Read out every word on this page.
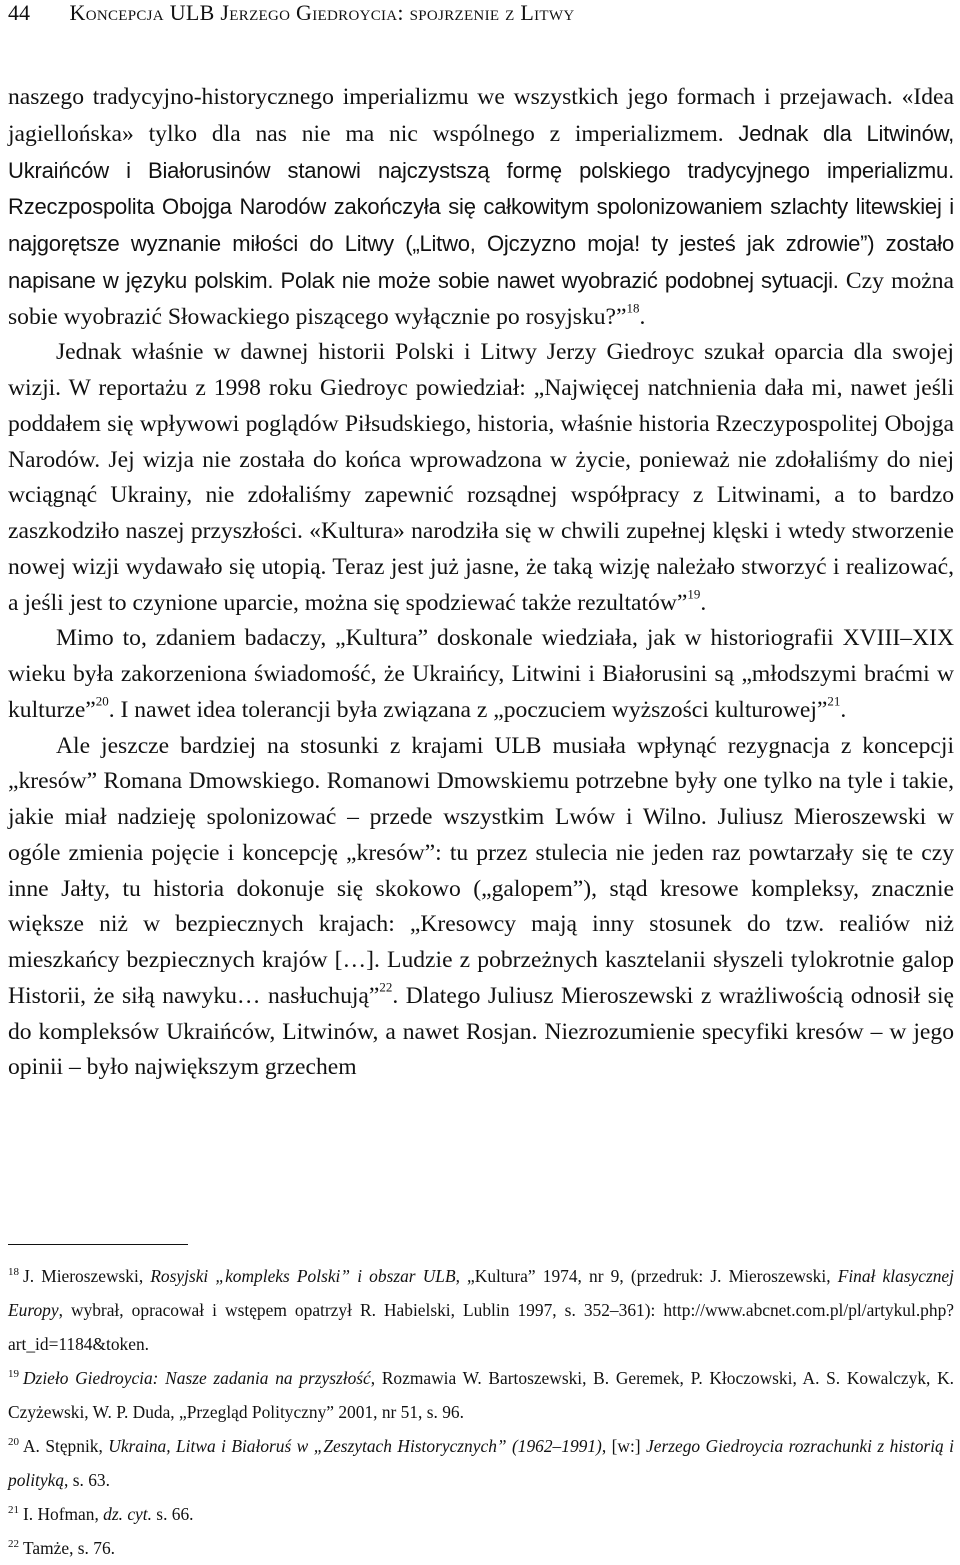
44 Koncepcja ULB Jerzego Giedroycia: spojrzenie z Litwy

naszego tradycyjno-historycznego imperializmu we wszystkich jego formach i przejawach. «Idea jagiellońska» tylko dla nas nie ma nic wspólnego z imperializmem. Jednak dla Litwinów, Ukraińców i Białorusinów stanowi najczystszą formę polskiego tradycyjnego imperializmu. Rzeczpospolita Obojga Narodów zakończyła się całkowitym spolonizowaniem szlachty litewskiej i najgorętsze wyznanie miłości do Litwy („Litwo, Ojczyzno moja! ty jesteś jak zdrowie”) zostało napisane w języku polskim. Polak nie może sobie nawet wyobrazić podobnej sytuacji. Czy można sobie wyobrazić Słowackiego piszącego wyłącznie po rosyjsku?”$^{18}$.

Jednak właśnie w dawnej historii Polski i Litwy Jerzy Giedroyc szukał oparcia dla swojej wizji. W reportażu z 1998 roku Giedroyc powiedział: „Najwięcej natchnienia dała mi, nawet jeśli poddałem się wpływowi poglądów Piłsudskiego, historia, właśnie historia Rzeczypospolitej Obojga Narodów. Jej wizja nie została do końca wprowadzona w życie, ponieważ nie zdołaliśmy do niej wciągnąć Ukrainy, nie zdołaliśmy zapewnić rozsądnej współpracy z Litwinami, a to bardzo zaszkodziło naszej przyszłości. «Kultura» narodziła się w chwili zupełnej klęski i wtedy stworzenie nowej wizji wydawało się utopią. Teraz jest już jasne, że taką wizję należało stworzyć i realizować, a jeśli jest to czynione uparcie, można się spodziewać także rezultatów”$^{19}$.

Mimo to, zdaniem badaczy, „Kultura” doskonale wiedziała, jak w historiografii XVIII–XIX wieku była zakorzeniona świadomość, że Ukraińcy, Litwini i Białorusini są „młodszymi braćmi w kulturze”$^{20}$. I nawet idea tolerancji była związana z „poczuciem wyższości kulturowej”$^{21}$.

Ale jeszcze bardziej na stosunki z krajami ULB musiała wpłynąć rezygnacja z koncepcji „kresów” Romana Dmowskiego. Romanowi Dmowskiemu potrzebne były one tylko na tyle i takie, jakie miał nadzieję spolonizować – przede wszystkim Lwów i Wilno. Juliusz Mieroszewski w ogóle zmienia pojęcie i koncepcję „kresów”: tu przez stulecia nie jeden raz powtarzały się te czy inne Jałty, tu historia dokonuje się skokowo („galopem”), stąd kresowe kompleksy, znacznie większe niż w bezpiecznych krajach: „Kresowcy mają inny stosunek do tzw. realiów niż mieszkańcy bezpiecznych krajów […]. Ludzie z pobrzeżnych kasztelanii słyszeli tylokrotnie galop Historii, że siłą nawyku… nasłuchują”$^{22}$. Dlatego Juliusz Mieroszewski z wrażliwością odnosił się do kompleksów Ukraińców, Litwinów, a nawet Rosjan. Niezrozumienie specyfiki kresów – w jego opinii – było największym grzechem

$^{18}$ J. Mieroszewski, Rosyjski „kompleks Polski” i obszar ULB, „Kultura” 1974, nr 9, (przedruk: J. Mieroszewski, Finał klasycznej Europy, wybrał, opracował i wstępem opatrzył R. Habielski, Lublin 1997, s. 352–361): http://www.abcnet.com.pl/pl/artykul.php?art_id=1184&token.

$^{19}$ Dzieło Giedroycia: Nasze zadania na przyszłość, Rozmawia W. Bartoszewski, B. Geremek, P. Kłoczowski, A. S. Kowalczyk, K. Czyżewski, W. P. Duda, „Przegląd Polityczny” 2001, nr 51, s. 96.

$^{20}$ A. Stępnik, Ukraina, Litwa i Białoruś w „Zeszytach Historycznych” (1962–1991), [w:] Jerzego Giedroycia rozrachunki z historią i polityką, s. 63.

$^{21}$ I. Hofman, dz. cyt. s. 66.

$^{22}$ Tamże, s. 76.
